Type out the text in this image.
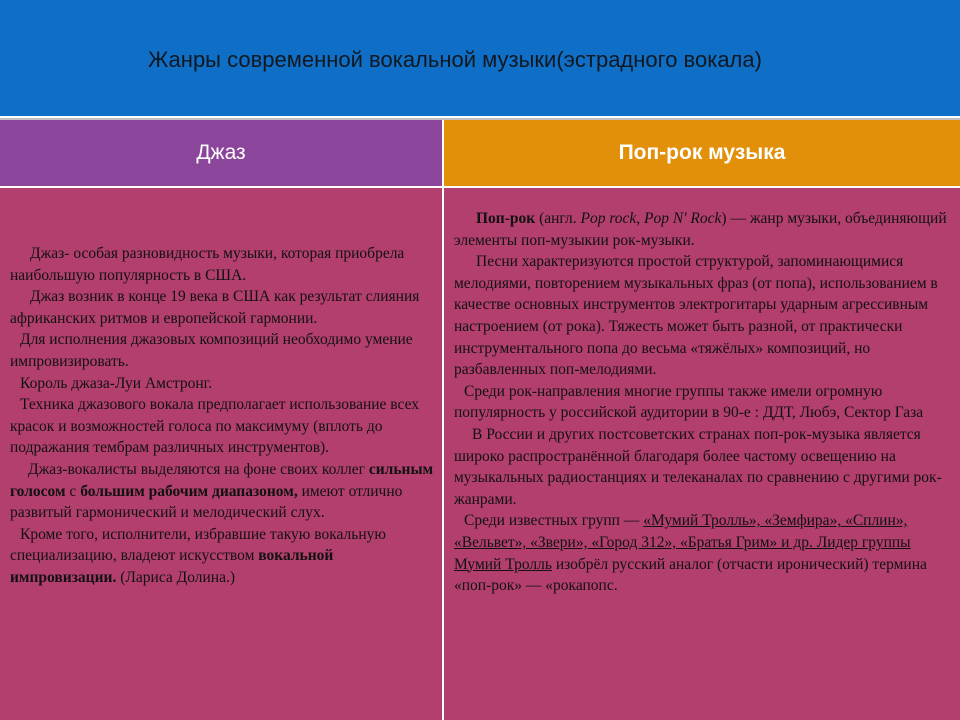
Жанры современной вокальной музыки(эстрадного вокала)
Джаз	Поп-рок музыка

Джаз- особая разновидность музыки, которая приобрела наибольшую популярность в США.

Джаз возник в конце 19 века в США как результат слияния африканских ритмов и европейской гармонии.

Для исполнения джазовых композиций необходимо умение импровизировать.

Король джаза-Луи Амстронг.

Техника джазового вокала предполагает использование всех красок и возможностей голоса по максимуму (вплоть до подражания тембрам различных инструментов).

Джаз-вокалисты выделяются на фоне своих коллег сильным голосом с большим рабочим диапазоном, имеют отлично развитый гармонический и мелодический слух.

Кроме того, исполнители, избравшие такую вокальную специализацию, владеют искусством вокальной импровизации. (Лариса Долина.)

Поп-рок (англ. Pop rock, Pop N' Rock) — жанр музыки, объединяющий элементы поп-музыкии рок-музыки.

Песни характеризуются простой структурой, запоминающимися мелодиями, повторением музыкальных фраз (от попа), использованием в качестве основных инструментов электрогитары ударным агрессивным настроением (от рока). Тяжесть может быть разной, от практически инструментального попа до весьма «тяжёлых» композиций, но разбавленных поп-мелодиями.

Среди рок-направления многие группы также имели огромную популярность у российской аудитории в 90-е : ДДТ, Любэ, Сектор Газа

В России и других постсоветских странах поп-рок-музыка является широко распространённой благодаря более частому освещению на музыкальных радиостанциях и телеканалах по сравнению с другими рок-жанрами.

Среди известных групп — «Мумий Тролль», «Земфира», «Сплин», «Вельвет», «Звери», «Город 312», «Братья Грим» и др. Лидер группы Мумий Тролль изобрёл русский аналог (отчасти иронический) термина «поп-рок» — «рокапопс.
